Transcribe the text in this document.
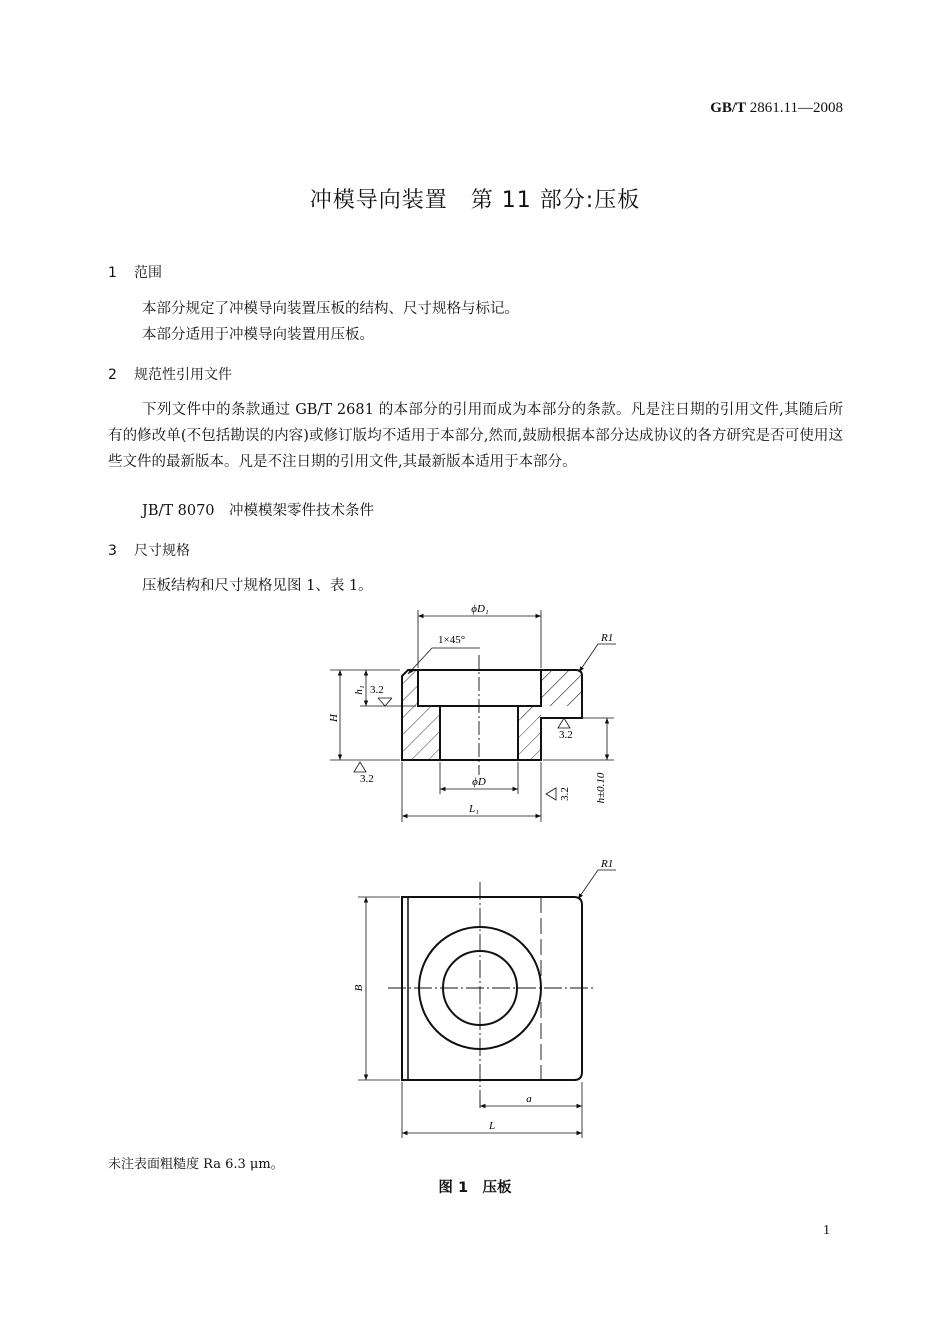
GB/T 2861.11—2008
冲模导向装置　第 11 部分:压板
1 范围
本部分规定了冲模导向装置压板的结构、尺寸规格与标记。
本部分适用于冲模导向装置用压板。
2 规范性引用文件
下列文件中的条款通过 GB/T 2681 的本部分的引用而成为本部分的条款。凡是注日期的引用文件,其随后所有的修改单(不包括勘误的内容)或修订版均不适用于本部分,然而,鼓励根据本部分达成协议的各方研究是否可使用这些文件的最新版本。凡是不注日期的引用文件,其最新版本适用于本部分。
JB/T 8070　冲模模架零件技术条件
3 尺寸规格
压板结构和尺寸规格见图 1、表 1。
ϕD₁
1×45°	R1
H
h₁ 3.2
3.2
3.2
3.2
ϕD
L₁
h±0.10
R1
B
a
L
未注表面粗糙度 Ra 6.3 μm。
图 1　压板
1
